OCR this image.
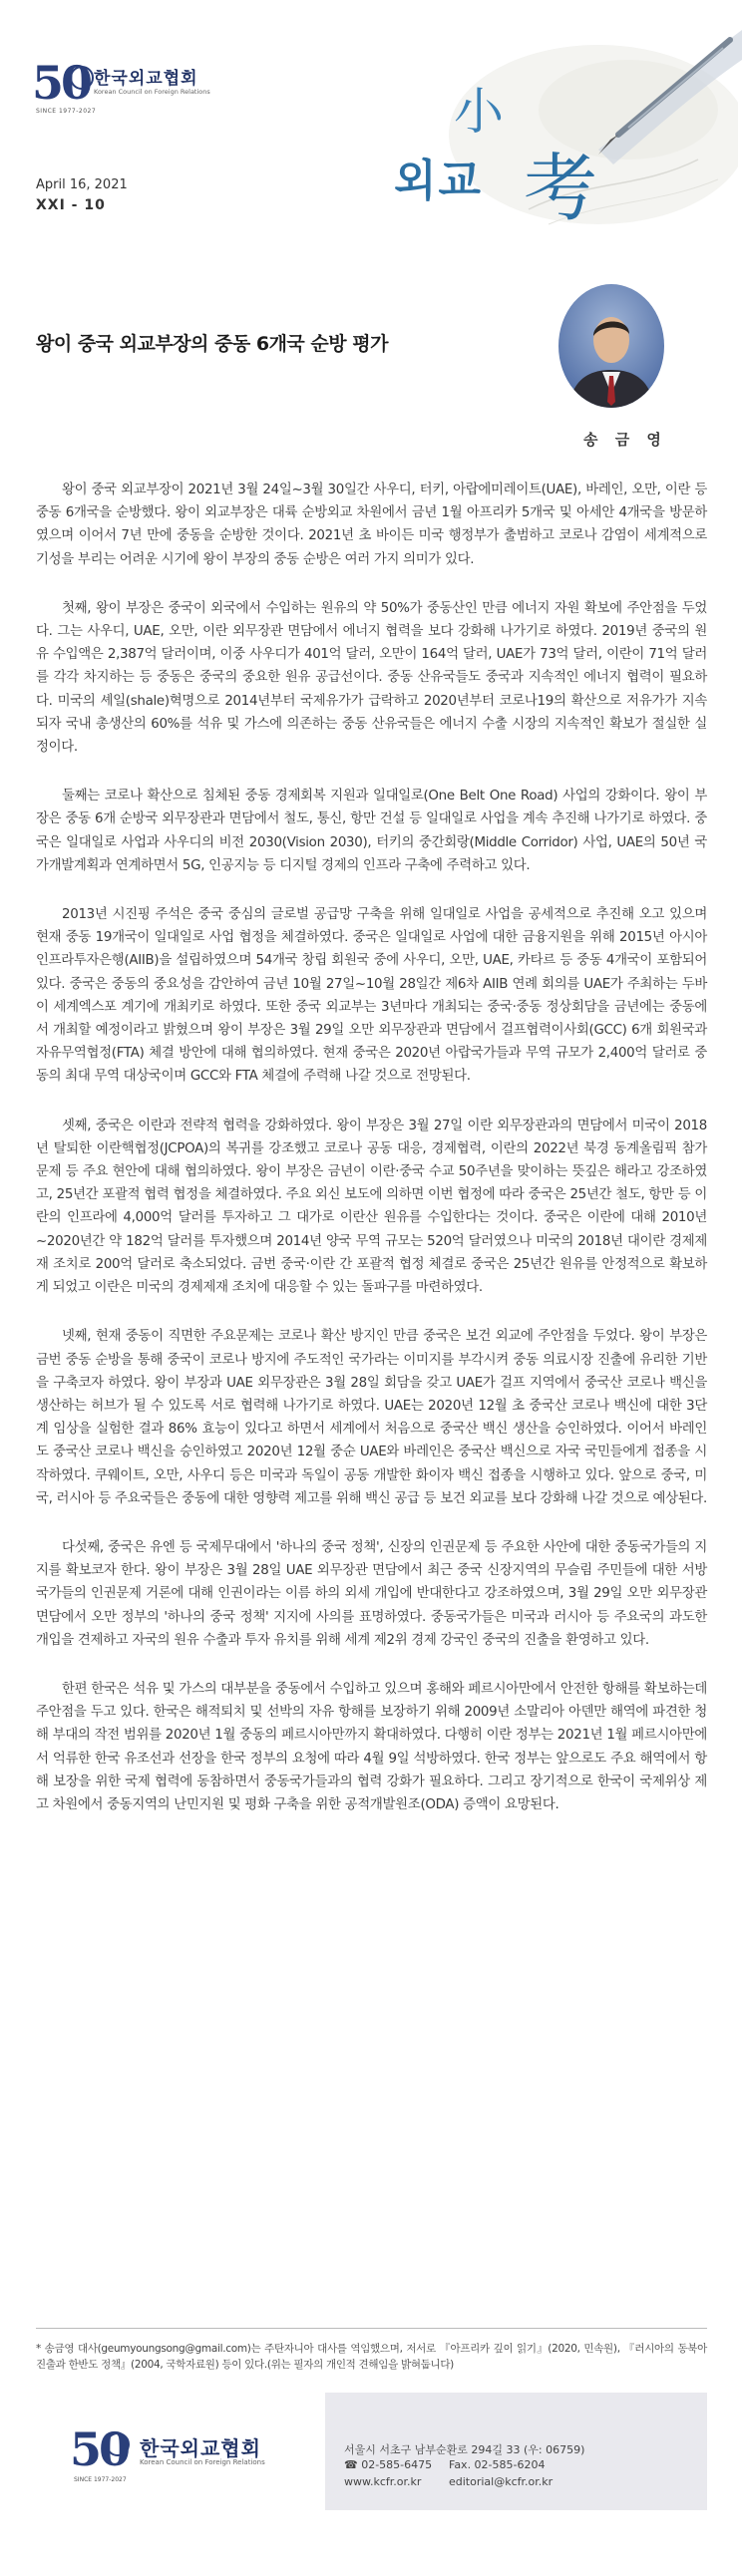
50 한국외교협회
Korean Council on Foreign Relations
SINCE 1977-2027	小
외교 考
April 16, 2021
XXI - 10
왕이 중국 외교부장의 중동 6개국 순방 평가
송 금 영

왕이 중국 외교부장이 2021년 3월 24일~3월 30일간 사우디, 터키, 아랍에미레이트(UAE), 바레인, 오만, 이란 등 중동 6개국을 순방했다. 왕이 외교부장은 대륙 순방외교 차원에서 금년 1월 아프리카 5개국 및 아세안 4개국을 방문하였으며 이어서 7년 만에 중동을 순방한 것이다. 2021년 초 바이든 미국 행정부가 출범하고 코로나 감염이 세계적으로 기성을 부리는 어려운 시기에 왕이 부장의 중동 순방은 여러 가지 의미가 있다.

첫째, 왕이 부장은 중국이 외국에서 수입하는 원유의 약 50%가 중동산인 만큼 에너지 자원 확보에 주안점을 두었다. 그는 사우디, UAE, 오만, 이란 외무장관 면담에서 에너지 협력을 보다 강화해 나가기로 하였다. 2019년 중국의 원유 수입액은 2,387억 달러이며, 이중 사우디가 401억 달러, 오만이 164억 달러, UAE가 73억 달러, 이란이 71억 달러를 각각 차지하는 등 중동은 중국의 중요한 원유 공급선이다. 중동 산유국들도 중국과 지속적인 에너지 협력이 필요하다. 미국의 셰일(shale)혁명으로 2014년부터 국제유가가 급락하고 2020년부터 코로나19의 확산으로 저유가가 지속되자 국내 총생산의 60%를 석유 및 가스에 의존하는 중동 산유국들은 에너지 수출 시장의 지속적인 확보가 절실한 실정이다.

둘째는 코로나 확산으로 침체된 중동 경제회복 지원과 일대일로(One Belt One Road) 사업의 강화이다. 왕이 부장은 중동 6개 순방국 외무장관과 면담에서 철도, 통신, 항만 건설 등 일대일로 사업을 계속 추진해 나가기로 하였다. 중국은 일대일로 사업과 사우디의 비전 2030(Vision 2030), 터키의 중간회랑(Middle Corridor) 사업, UAE의 50년 국가개발계획과 연계하면서 5G, 인공지능 등 디지털 경제의 인프라 구축에 주력하고 있다.

2013년 시진핑 주석은 중국 중심의 글로벌 공급망 구축을 위해 일대일로 사업을 공세적으로 추진해 오고 있으며 현재 중동 19개국이 일대일로 사업 협정을 체결하였다. 중국은 일대일로 사업에 대한 금융지원을 위해 2015년 아시아인프라투자은행(AIIB)을 설립하였으며 54개국 창립 회원국 중에 사우디, 오만, UAE, 카타르 등 중동 4개국이 포함되어 있다. 중국은 중동의 중요성을 감안하여 금년 10월 27일~10월 28일간 제6차 AIIB 연례 회의를 UAE가 주최하는 두바이 세계엑스포 계기에 개최키로 하였다. 또한 중국 외교부는 3년마다 개최되는 중국·중동 정상회담을 금년에는 중동에서 개최할 예정이라고 밝혔으며 왕이 부장은 3월 29일 오만 외무장관과 면담에서 걸프협력이사회(GCC) 6개 회원국과 자유무역협정(FTA) 체결 방안에 대해 협의하였다. 현재 중국은 2020년 아랍국가들과 무역 규모가 2,400억 달러로 중동의 최대 무역 대상국이며 GCC와 FTA 체결에 주력해 나갈 것으로 전망된다.

셋째, 중국은 이란과 전략적 협력을 강화하였다. 왕이 부장은 3월 27일 이란 외무장관과의 면담에서 미국이 2018년 탈퇴한 이란핵협정(JCPOA)의 복귀를 강조했고 코로나 공동 대응, 경제협력, 이란의 2022년 북경 동계올림픽 참가 문제 등 주요 현안에 대해 협의하였다. 왕이 부장은 금년이 이란·중국 수교 50주년을 맞이하는 뜻깊은 해라고 강조하였고, 25년간 포괄적 협력 협정을 체결하였다. 주요 외신 보도에 의하면 이번 협정에 따라 중국은 25년간 철도, 항만 등 이란의 인프라에 4,000억 달러를 투자하고 그 대가로 이란산 원유를 수입한다는 것이다. 중국은 이란에 대해 2010년~2020년간 약 182억 달러를 투자했으며 2014년 양국 무역 규모는 520억 달러였으나 미국의 2018년 대이란 경제제재 조치로 200억 달러로 축소되었다. 금번 중국·이란 간 포괄적 협정 체결로 중국은 25년간 원유를 안정적으로 확보하게 되었고 이란은 미국의 경제제재 조치에 대응할 수 있는 돌파구를 마련하였다.

넷째, 현재 중동이 직면한 주요문제는 코로나 확산 방지인 만큼 중국은 보건 외교에 주안점을 두었다. 왕이 부장은 금번 중동 순방을 통해 중국이 코로나 방지에 주도적인 국가라는 이미지를 부각시켜 중동 의료시장 진출에 유리한 기반을 구축코자 하였다. 왕이 부장과 UAE 외무장관은 3월 28일 회담을 갖고 UAE가 걸프 지역에서 중국산 코로나 백신을 생산하는 허브가 될 수 있도록 서로 협력해 나가기로 하였다. UAE는 2020년 12월 초 중국산 코로나 백신에 대한 3단계 임상을 실험한 결과 86% 효능이 있다고 하면서 세계에서 처음으로 중국산 백신 생산을 승인하였다. 이어서 바레인도 중국산 코로나 백신을 승인하였고 2020년 12월 중순 UAE와 바레인은 중국산 백신으로 자국 국민들에게 접종을 시작하였다. 쿠웨이트, 오만, 사우디 등은 미국과 독일이 공동 개발한 화이자 백신 접종을 시행하고 있다. 앞으로 중국, 미국, 러시아 등 주요국들은 중동에 대한 영향력 제고를 위해 백신 공급 등 보건 외교를 보다 강화해 나갈 것으로 예상된다.

다섯째, 중국은 유엔 등 국제무대에서 '하나의 중국 정책', 신장의 인권문제 등 주요한 사안에 대한 중동국가들의 지지를 확보코자 한다. 왕이 부장은 3월 28일 UAE 외무장관 면담에서 최근 중국 신장지역의 무슬림 주민들에 대한 서방국가들의 인권문제 거론에 대해 인권이라는 이름 하의 외세 개입에 반대한다고 강조하였으며, 3월 29일 오만 외무장관 면담에서 오만 정부의 '하나의 중국 정책' 지지에 사의를 표명하였다. 중동국가들은 미국과 러시아 등 주요국의 과도한 개입을 견제하고 자국의 원유 수출과 투자 유치를 위해 세계 제2위 경제 강국인 중국의 진출을 환영하고 있다.

한편 한국은 석유 및 가스의 대부분을 중동에서 수입하고 있으며 홍해와 페르시아만에서 안전한 항해를 확보하는데 주안점을 두고 있다. 한국은 해적퇴치 및 선박의 자유 항해를 보장하기 위해 2009년 소말리아 아덴만 해역에 파견한 청해 부대의 작전 범위를 2020년 1월 중동의 페르시아만까지 확대하였다. 다행히 이란 정부는 2021년 1월 페르시아만에서 억류한 한국 유조선과 선장을 한국 정부의 요청에 따라 4월 9일 석방하였다. 한국 정부는 앞으로도 주요 해역에서 항해 보장을 위한 국제 협력에 동참하면서 중동국가들과의 협력 강화가 필요하다. 그리고 장기적으로 한국이 국제위상 제고 차원에서 중동지역의 난민지원 및 평화 구축을 위한 공적개발원조(ODA) 증액이 요망된다.

* 송금영 대사(geumyoungsong@gmail.com)는 주탄자니아 대사를 역임했으며, 저서로 『아프리카 깊이 읽기』(2020, 민속원), 『러시아의 동북아 진출과 한반도 정책』(2004, 국학자료원) 등이 있다.(위는 필자의 개인적 견해임을 밝혀둡니다)
50 한국외교협회
Korean Council on Foreign Relations
SINCE 1977-2027
서울시 서초구 남부순환로 294길 33 (우: 06759)
☎ 02-585-6475 Fax. 02-585-6204
www.kcfr.or.kr	editorial@kcfr.or.kr
